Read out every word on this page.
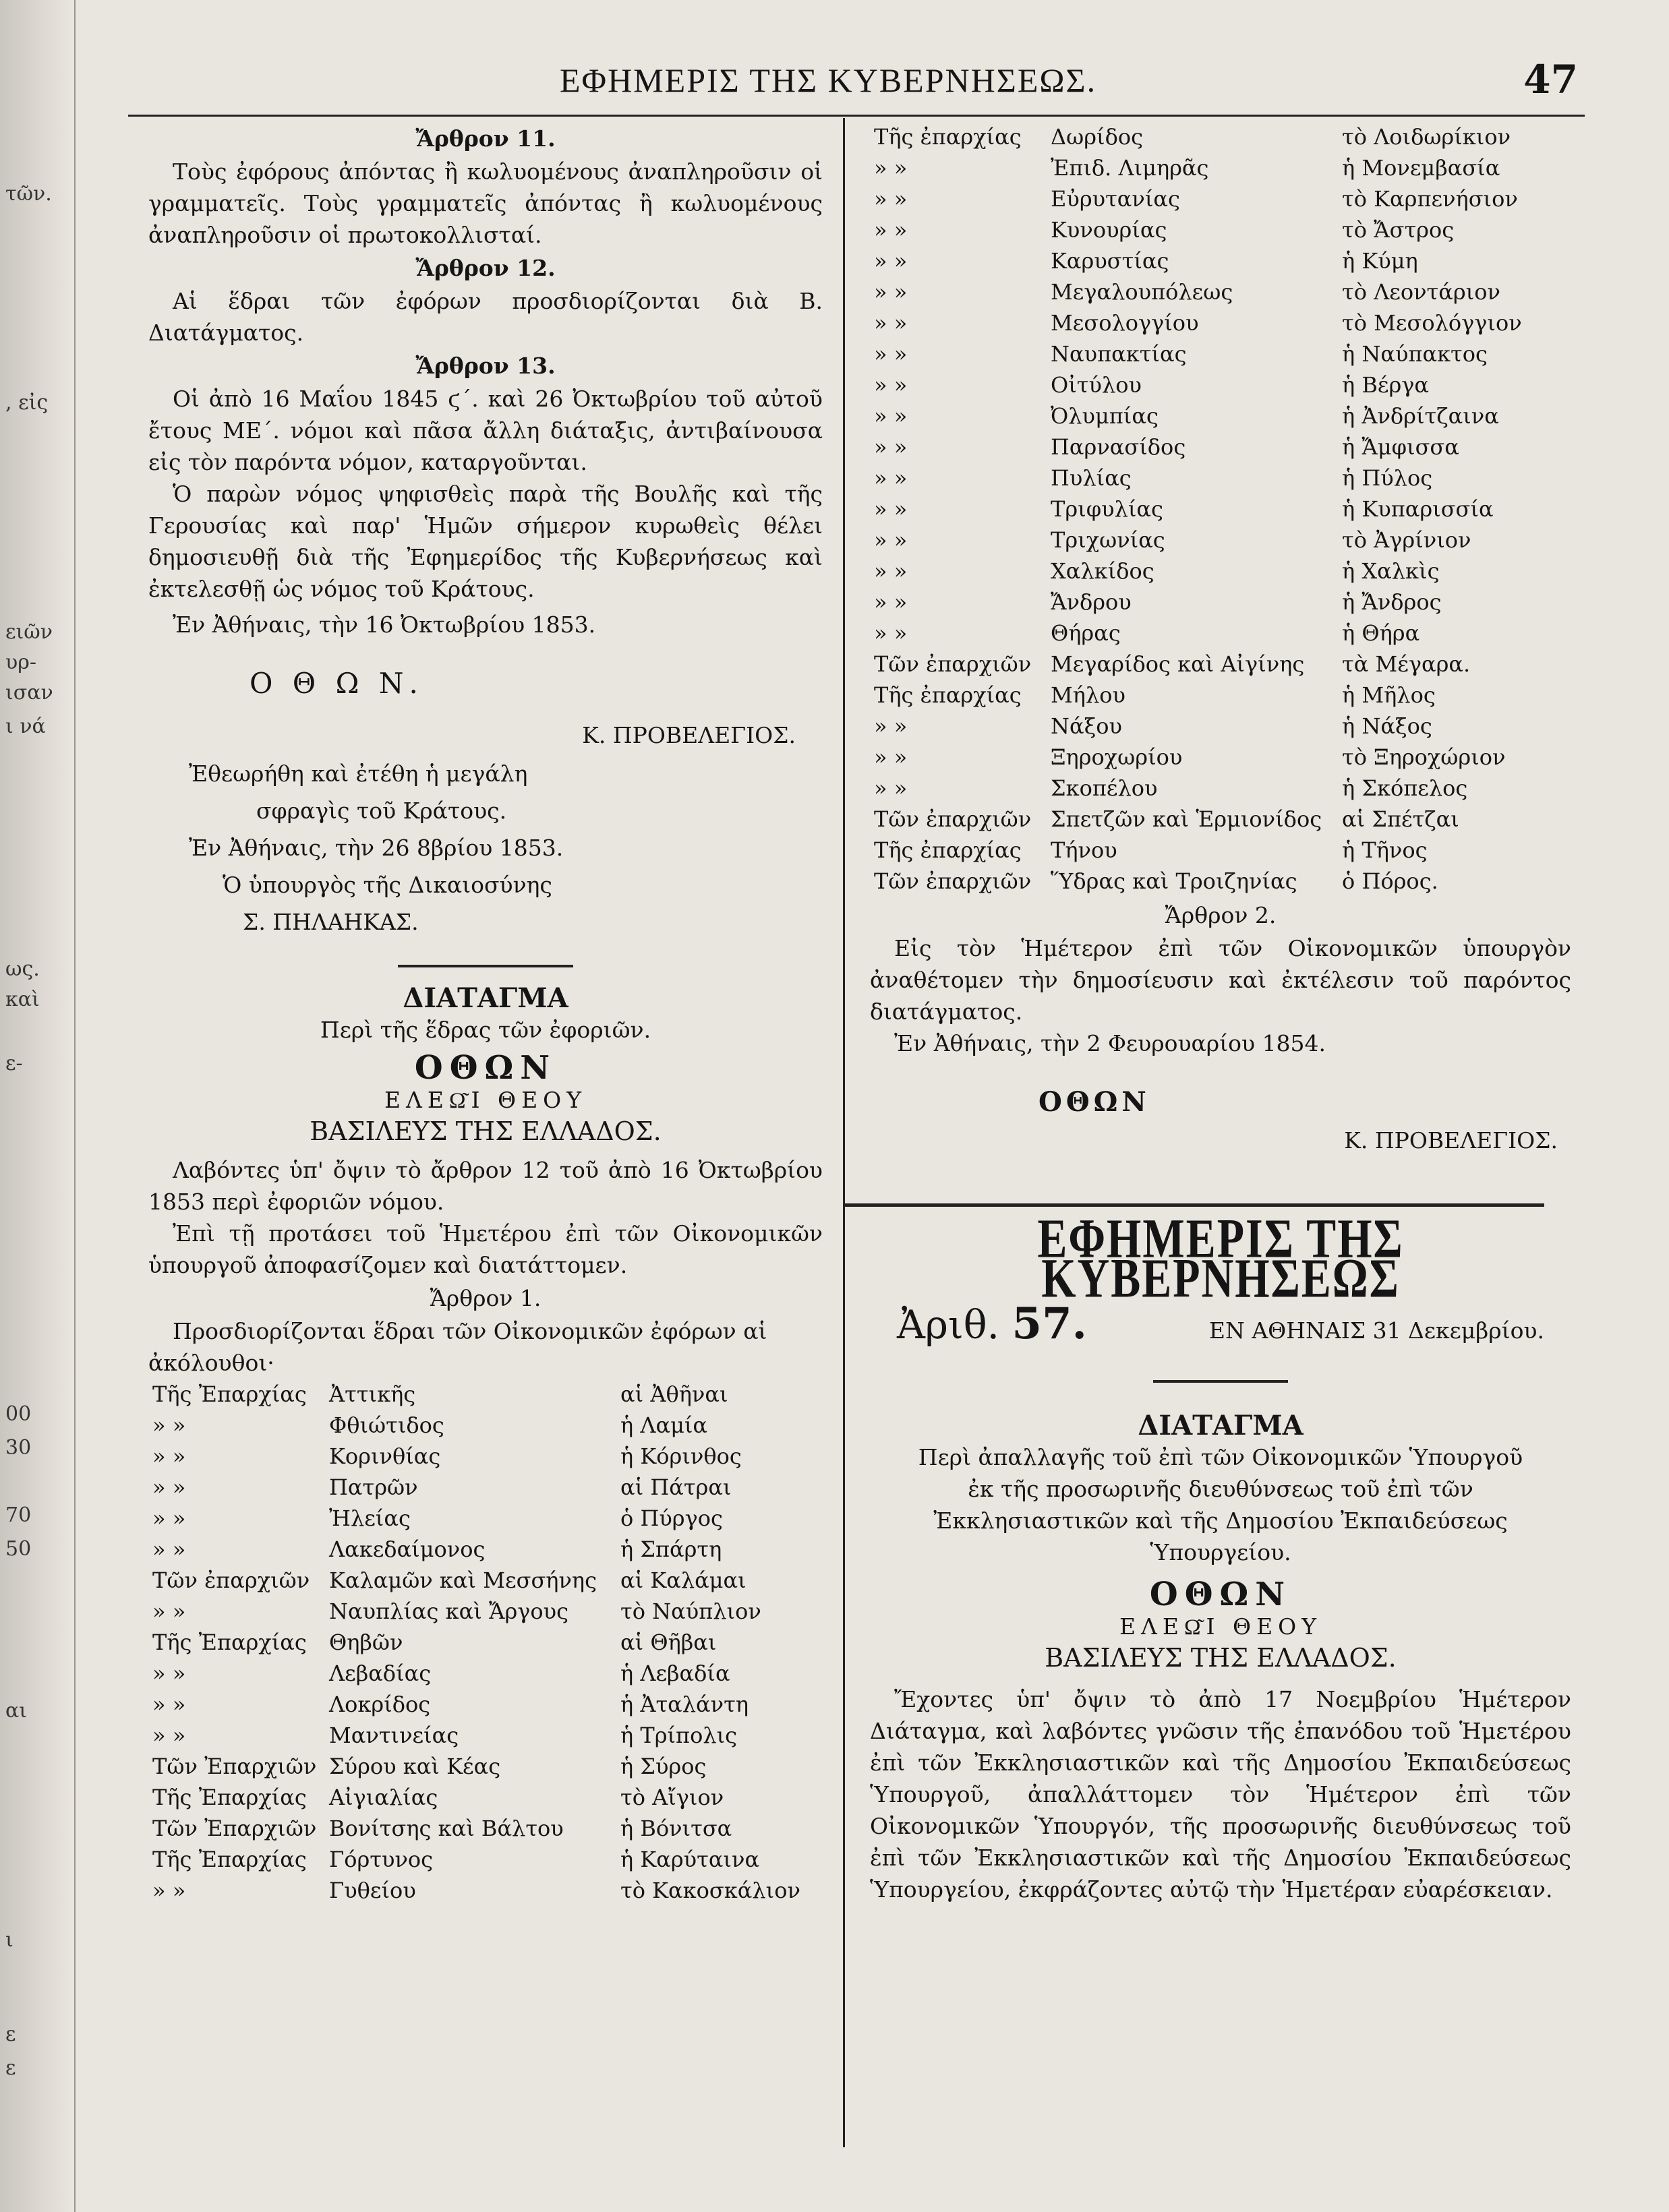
τῶν.
, εἰς
ειῶν
υρ-
ισαν
ι νά
ως.
καὶ
ε-
00
30
70
50
αι
ι
ε
ε
ΕΦΗΜΕΡΙΣ ΤΗΣ ΚΥΒΕΡΝΗΣΕΩΣ.	47

Ἄρθρον 11.

Τοὺς ἐφόρους ἀπόντας ἢ κωλυομένους ἀναπληροῦσιν οἱ γραμματεῖς. Τοὺς γραμματεῖς ἀπόντας ἢ κωλυομένους ἀναπληροῦσιν οἱ πρωτοκολλισταί.

Ἄρθρον 12.

Αἱ ἕδραι τῶν ἐφόρων προσδιορίζονται διὰ Β. Διατάγματος.

Ἄρθρον 13.

Οἱ ἀπὸ 16 Μαΐου 1845 ϛ΄. καὶ 26 Ὀκτωβρίου τοῦ αὐτοῦ ἔτους ΜΕ΄. νόμοι καὶ πᾶσα ἄλλη διάταξις, ἀντιβαίνουσα εἰς τὸν παρόντα νόμον, καταργοῦνται.

Ὁ παρὼν νόμος ψηφισθεὶς παρὰ τῆς Βουλῆς καὶ τῆς Γερουσίας καὶ παρ' Ἡμῶν σήμερον κυρωθεὶς θέλει δημοσιευθῇ διὰ τῆς Ἐφημερίδος τῆς Κυβερνήσεως καὶ ἐκτελεσθῇ ὡς νόμος τοῦ Κράτους.

Ἐν Ἀθήναις, τὴν 16 Ὀκτωβρίου 1853.

Ο Θ Ω Ν.

Κ. ΠΡΟΒΕΛΕΓΙΟΣ.

Ἐθεωρήθη καὶ ἐτέθη ἡ μεγάλη

σφραγὶς τοῦ Κράτους.

Ἐν Ἀθήναις, τὴν 26 8βρίου 1853.

Ὁ ὑπουργὸς τῆς Δικαιοσύνης

Σ. ΠΗΛΑΗΚΑΣ.

ΔΙΑΤΑΓΜΑ

Περὶ τῆς ἕδρας τῶν ἐφοριῶν.

ΟΘΩΝ

ΕΛΕΩ͂Ι ΘΕΟΥ

ΒΑΣΙΛΕΥΣ ΤΗΣ ΕΛΛΑΔΟΣ.

Λαβόντες ὑπ' ὄψιν τὸ ἄρθρον 12 τοῦ ἀπὸ 16 Ὀκτωβρίου 1853 περὶ ἐφοριῶν νόμου.

Ἐπὶ τῇ προτάσει τοῦ Ἡμετέρου ἐπὶ τῶν Οἰκονομικῶν ὑπουργοῦ ἀποφασίζομεν καὶ διατάττομεν.

Ἄρθρον 1.

Προσδιορίζονται ἕδραι τῶν Οἰκονομικῶν ἐφόρων αἱ ἀκόλουθοι·

Τῆς Ἐπαρχίας	Ἀττικῆς	αἱ Ἀθῆναι
» »	Φθιώτιδος	ἡ Λαμία
» »	Κορινθίας	ἡ Κόρινθος
» »	Πατρῶν	αἱ Πάτραι
» »	Ἠλείας	ὁ Πύργος
» »	Λακεδαίμονος	ἡ Σπάρτη
Τῶν ἐπαρχιῶν	Καλαμῶν καὶ Μεσσήνης	αἱ Καλάμαι
» »	Ναυπλίας καὶ Ἄργους	τὸ Ναύπλιον
Τῆς Ἐπαρχίας	Θηβῶν	αἱ Θῆβαι
» »	Λεβαδίας	ἡ Λεβαδία
» »	Λοκρίδος	ἡ Ἀταλάντη
» »	Μαντινείας	ἡ Τρίπολις
Τῶν Ἐπαρχιῶν	Σύρου καὶ Κέας	ἡ Σύρος
Τῆς Ἐπαρχίας	Αἰγιαλίας	τὸ Αἴγιον
Τῶν Ἐπαρχιῶν	Βονίτσης καὶ Βάλτου	ἡ Βόνιτσα
Τῆς Ἐπαρχίας	Γόρτυνος	ἡ Καρύταινα
» »	Γυθείου	τὸ Κακοσκάλιον
Τῆς ἐπαρχίας	Δωρίδος	τὸ Λοιδωρίκιον
» »	Ἐπιδ. Λιμηρᾶς	ἡ Μονεμβασία
» »	Εὐρυτανίας	τὸ Καρπενήσιον
» »	Κυνουρίας	τὸ Ἄστρος
» »	Καρυστίας	ἡ Κύμη
» »	Μεγαλουπόλεως	τὸ Λεοντάριον
» »	Μεσολογγίου	τὸ Μεσολόγγιον
» »	Ναυπακτίας	ἡ Ναύπακτος
» »	Οἰτύλου	ἡ Βέργα
» »	Ὀλυμπίας	ἡ Ἀνδρίτζαινα
» »	Παρνασίδος	ἡ Ἄμφισσα
» »	Πυλίας	ἡ Πύλος
» »	Τριφυλίας	ἡ Κυπαρισσία
» »	Τριχωνίας	τὸ Ἀγρίνιον
» »	Χαλκίδος	ἡ Χαλκὶς
» »	Ἄνδρου	ἡ Ἄνδρος
» »	Θήρας	ἡ Θήρα
Τῶν ἐπαρχιῶν	Μεγαρίδος καὶ Αἰγίνης	τὰ Μέγαρα.
Τῆς ἐπαρχίας	Μήλου	ἡ Μῆλος
» »	Νάξου	ἡ Νάξος
» »	Ξηροχωρίου	τὸ Ξηροχώριον
» »	Σκοπέλου	ἡ Σκόπελος
Τῶν ἐπαρχιῶν	Σπετζῶν καὶ Ἑρμιονίδος	αἱ Σπέτζαι
Τῆς ἐπαρχίας	Τήνου	ἡ Τῆνος
Τῶν ἐπαρχιῶν	Ὕδρας καὶ Τροιζηνίας	ὁ Πόρος.

Ἄρθρον 2.

Εἰς τὸν Ἡμέτερον ἐπὶ τῶν Οἰκονομικῶν ὑπουργὸν ἀναθέτομεν τὴν δημοσίευσιν καὶ ἐκτέλεσιν τοῦ παρόντος διατάγματος.

Ἐν Ἀθήναις, τὴν 2 Φευρουαρίου 1854.

ΟΘΩΝ

Κ. ΠΡΟΒΕΛΕΓΙΟΣ.

ΕΦΗΜΕΡΙΣ ΤΗΣ ΚΥΒΕΡΝΗΣΕΩΣ
Ἀριθ. 57.	ΕΝ ΑΘΗΝΑΙΣ 31 Δεκεμβρίου.

ΔΙΑΤΑΓΜΑ

Περὶ ἀπαλλαγῆς τοῦ ἐπὶ τῶν Οἰκονομικῶν Ὑπουργοῦ ἐκ τῆς προσωρινῆς διευθύνσεως τοῦ ἐπὶ τῶν Ἐκκλησιαστικῶν καὶ τῆς Δημοσίου Ἐκπαιδεύσεως Ὑπουργείου.

ΟΘΩΝ

ΕΛΕΩ͂Ι ΘΕΟΥ

ΒΑΣΙΛΕΥΣ ΤΗΣ ΕΛΛΑΔΟΣ.

Ἔχοντες ὑπ' ὄψιν τὸ ἀπὸ 17 Νοεμβρίου Ἡμέτερον Διάταγμα, καὶ λαβόντες γνῶσιν τῆς ἐπανόδου τοῦ Ἡμετέρου ἐπὶ τῶν Ἐκκλησιαστικῶν καὶ τῆς Δημοσίου Ἐκπαιδεύσεως Ὑπουργοῦ, ἀπαλλάττομεν τὸν Ἡμέτερον ἐπὶ τῶν Οἰκονομικῶν Ὑπουργόν, τῆς προσωρινῆς διευθύνσεως τοῦ ἐπὶ τῶν Ἐκκλησιαστικῶν καὶ τῆς Δημοσίου Ἐκπαιδεύσεως Ὑπουργείου, ἐκφράζοντες αὐτῷ τὴν Ἡμετέραν εὐαρέσκειαν.
